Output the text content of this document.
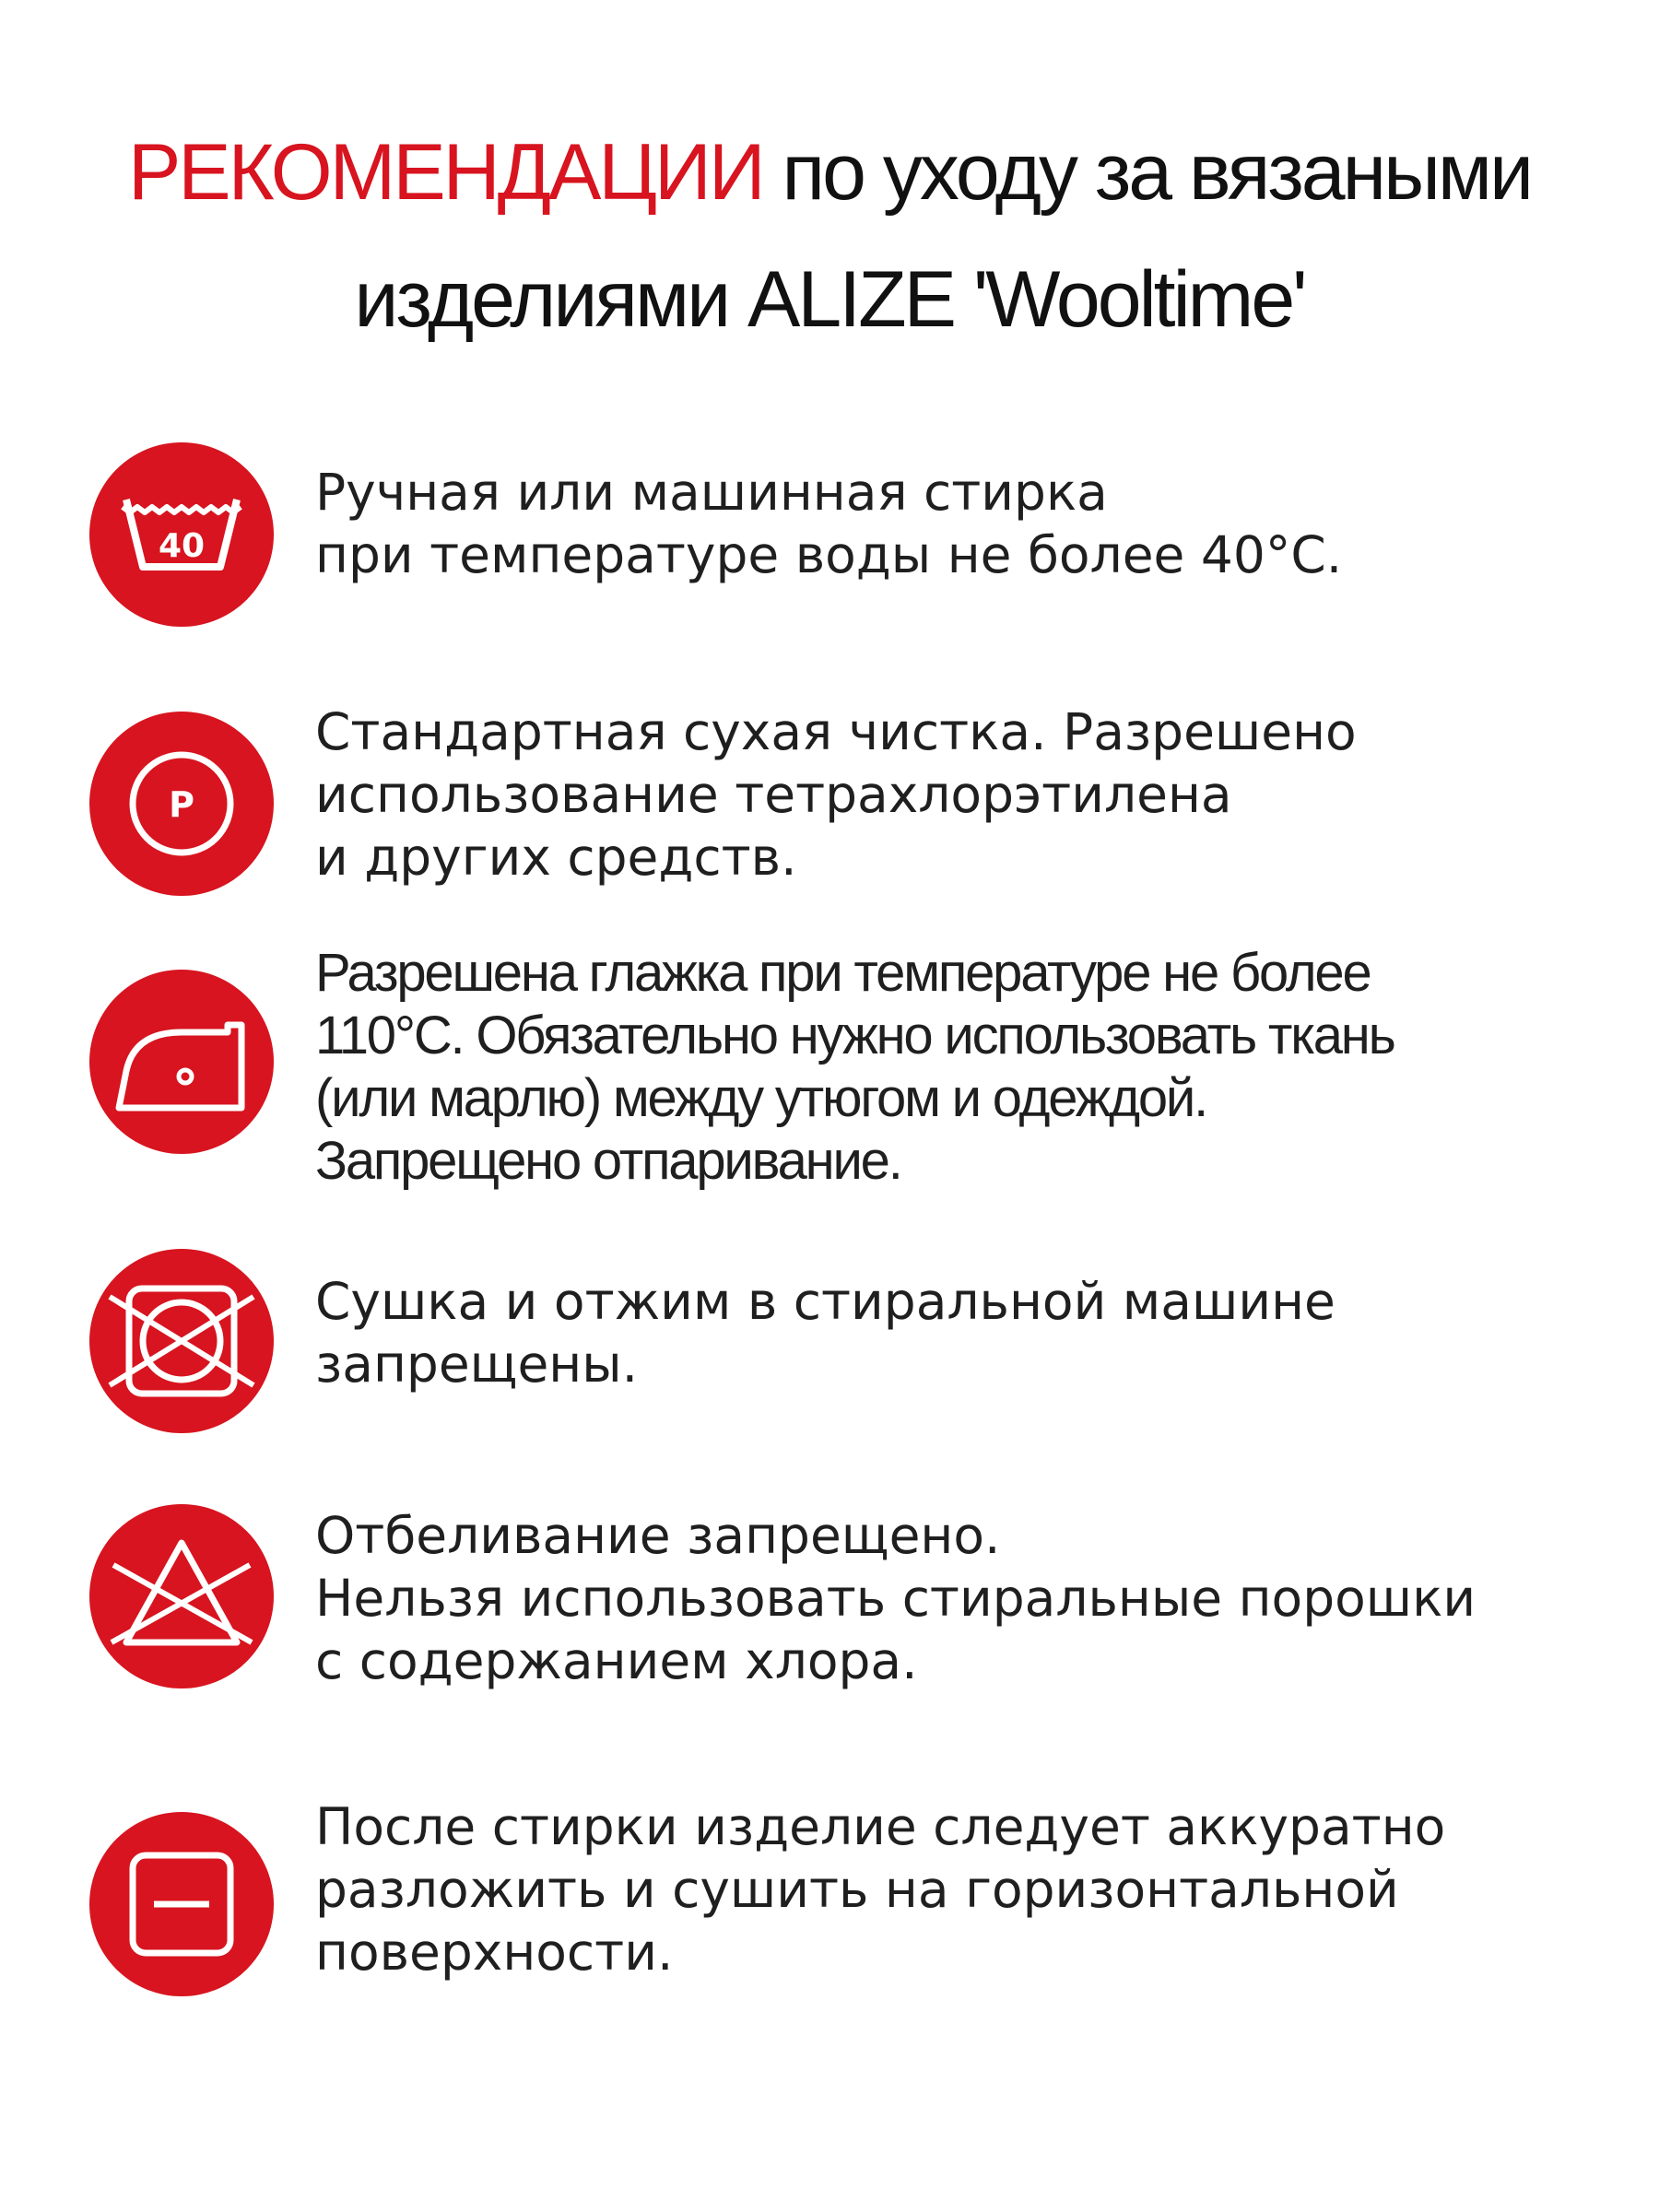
РЕКОМЕНДАЦИИ по уходу за вязаными
изделиями ALIZE 'Wooltime'
40

Ручная или машинная стирка
при температуре воды не более 40°С.

P

Стандартная сухая чистка. Разрешено
использование тетрахлорэтилена
и других средств.

Разрешена глажка при температуре не более
110°С. Обязательно нужно использовать ткань
(или марлю) между утюгом и одеждой.
Запрещено отпаривание.

Сушка и отжим в стиральной машине
запрещены.

Отбеливание запрещено.
Нельзя использовать стиральные порошки
с содержанием хлора.

После стирки изделие следует аккуратно
разложить и сушить на горизонтальной
поверхности.
